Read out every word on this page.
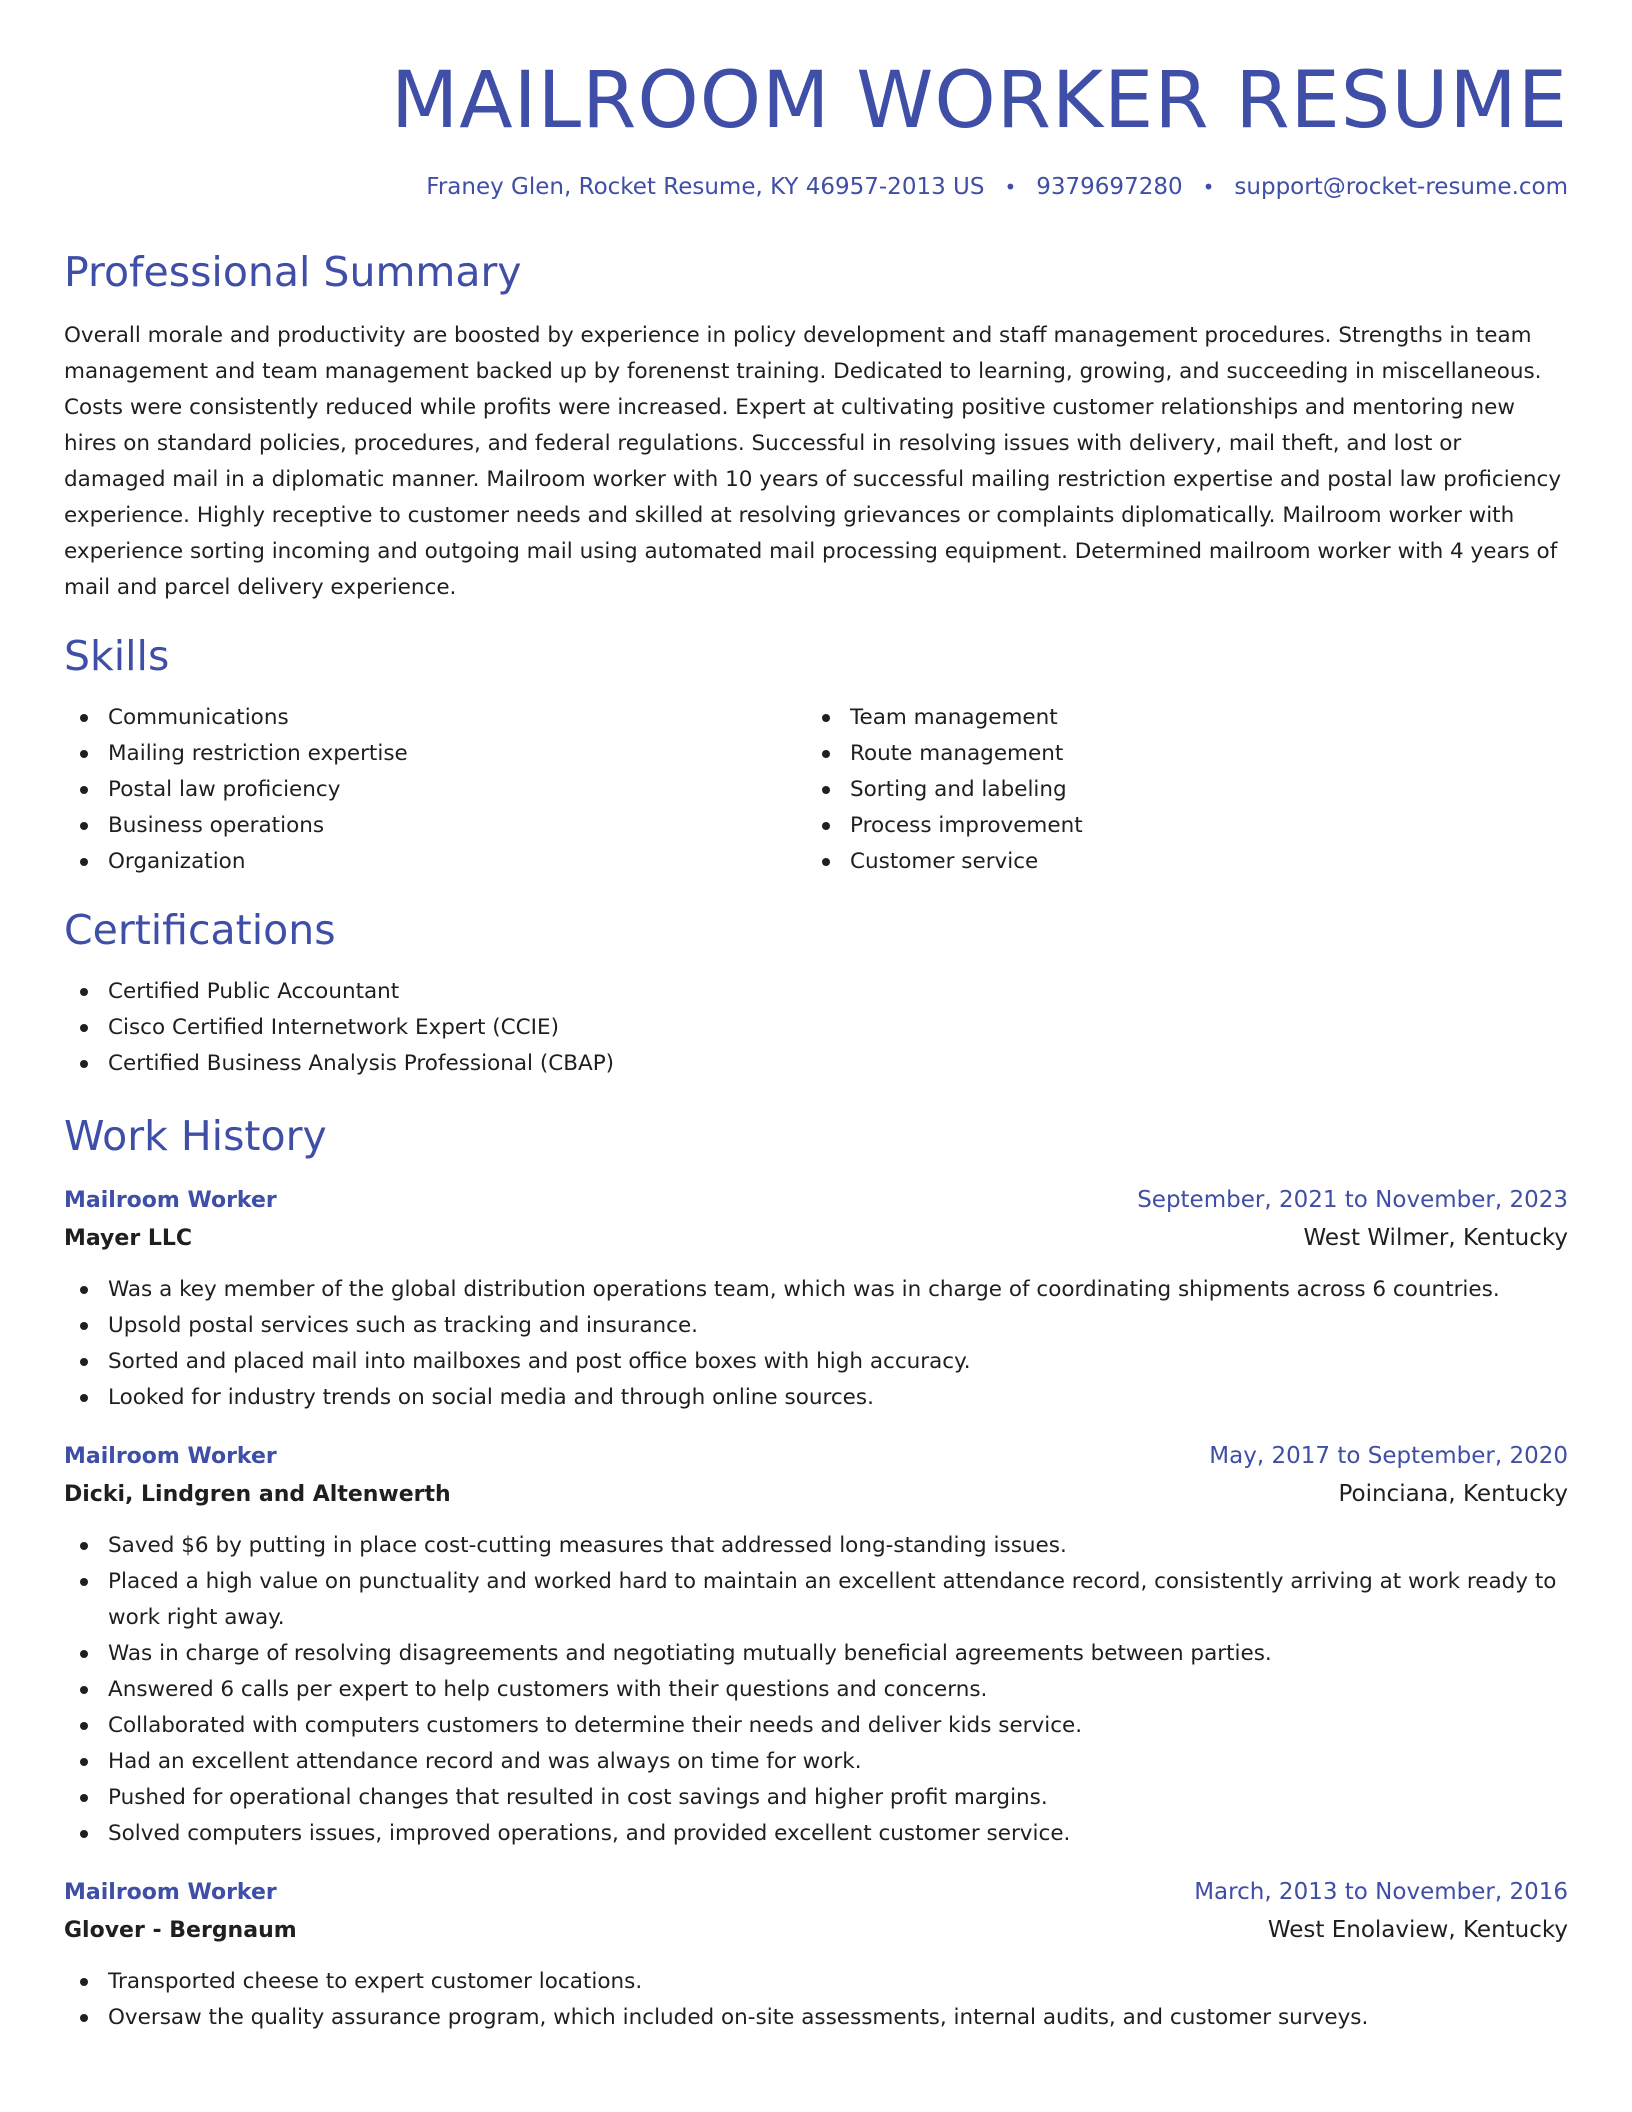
MAILROOM WORKER RESUME
Franey Glen, Rocket Resume, KY 46957-2013 US • 9379697280 • support@rocket-resume.com
Professional Summary

Overall morale and productivity are boosted by experience in policy development and staff management procedures. Strengths in team management and team management backed up by forenenst training. Dedicated to learning, growing, and succeeding in miscellaneous. Costs were consistently reduced while profits were increased. Expert at cultivating positive customer relationships and mentoring new hires on standard policies, procedures, and federal regulations. Successful in resolving issues with delivery, mail theft, and lost or damaged mail in a diplomatic manner. Mailroom worker with 10 years of successful mailing restriction expertise and postal law proficiency experience. Highly receptive to customer needs and skilled at resolving grievances or complaints diplomatically. Mailroom worker with experience sorting incoming and outgoing mail using automated mail processing equipment. Determined mailroom worker with 4 years of mail and parcel delivery experience.

Skills
Communications
Mailing restriction expertise
Postal law proficiency
Business operations
Organization
Team management
Route management
Sorting and labeling
Process improvement
Customer service
Certifications
Certified Public Accountant
Cisco Certified Internetwork Expert (CCIE)
Certified Business Analysis Professional (CBAP)
Work History
Mailroom Worker	September, 2021 to November, 2023
Mayer LLC	West Wilmer, Kentucky
Was a key member of the global distribution operations team, which was in charge of coordinating shipments across 6 countries.
Upsold postal services such as tracking and insurance.
Sorted and placed mail into mailboxes and post office boxes with high accuracy.
Looked for industry trends on social media and through online sources.
Mailroom Worker	May, 2017 to September, 2020
Dicki, Lindgren and Altenwerth	Poinciana, Kentucky
Saved $6 by putting in place cost-cutting measures that addressed long-standing issues.
Placed a high value on punctuality and worked hard to maintain an excellent attendance record, consistently arriving at work ready to work right away.
Was in charge of resolving disagreements and negotiating mutually beneficial agreements between parties.
Answered 6 calls per expert to help customers with their questions and concerns.
Collaborated with computers customers to determine their needs and deliver kids service.
Had an excellent attendance record and was always on time for work.
Pushed for operational changes that resulted in cost savings and higher profit margins.
Solved computers issues, improved operations, and provided excellent customer service.
Mailroom Worker	March, 2013 to November, 2016
Glover - Bergnaum	West Enolaview, Kentucky
Transported cheese to expert customer locations.
Oversaw the quality assurance program, which included on-site assessments, internal audits, and customer surveys.
